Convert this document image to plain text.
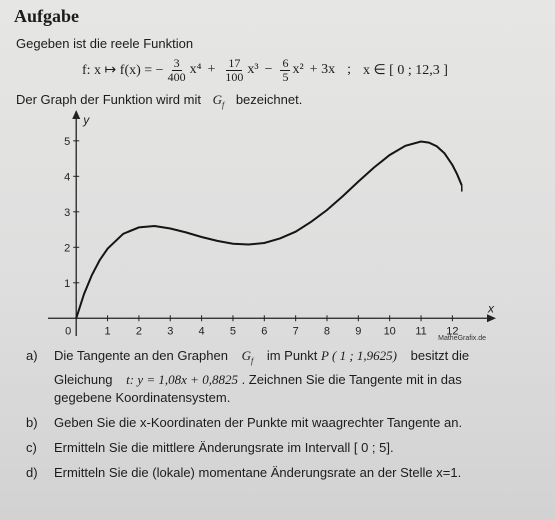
Aufgabe
Gegeben ist die reele Funktion
f: x ↦ f(x) = − $\frac{3}{400} x^4 + \frac{17}{100} x^3 - \frac{6}{5} x^2 + 3x$ ; x ∈ [ 0 ; 12,3 ]
Der Graph der Funktion wird mit $G_f$ bezeichnet.
x
y
0	1 2 3 4 5 6 7 8 9 10 11 12
1
2
3
4
5
MatheGrafix.de
a)	Die Tangente an den Graphen $G_f$ im Punkt P ( 1 ; 1,9625) besitzt die
Gleichung t: y = 1,08x + 0,8825 . Zeichnen Sie die Tangente mit in das
gegebene Koordinatensystem.
b)	Geben Sie die x-Koordinaten der Punkte mit waagrechter Tangente an.
c)	Ermitteln Sie die mittlere Änderungsrate im Intervall [ 0 ; 5].
d)	Ermitteln Sie die (lokale) momentane Änderungsrate an der Stelle x=1.
